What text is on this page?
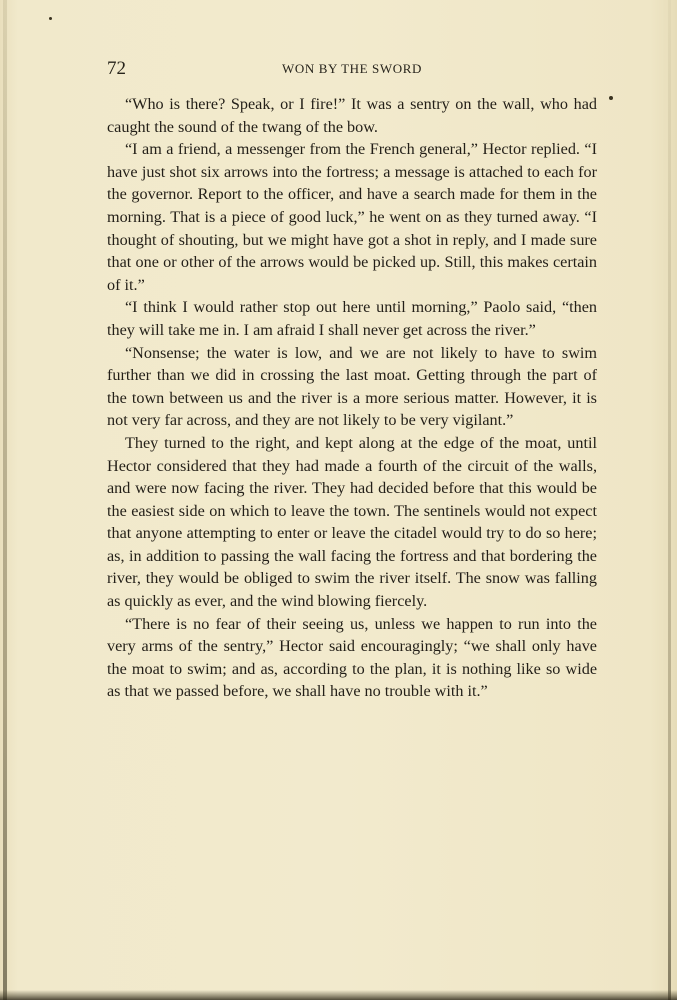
72	WON BY THE SWORD

“Who is there? Speak, or I fire!” It was a sentry on the wall, who had caught the sound of the twang of the bow.

“I am a friend, a messenger from the French general,” Hector replied. “I have just shot six arrows into the fortress; a message is attached to each for the governor. Report to the officer, and have a search made for them in the morning. That is a piece of good luck,” he went on as they turned away. “I thought of shouting, but we might have got a shot in reply, and I made sure that one or other of the arrows would be picked up. Still, this makes certain of it.”

“I think I would rather stop out here until morning,” Paolo said, “then they will take me in. I am afraid I shall never get across the river.”

“Nonsense; the water is low, and we are not likely to have to swim further than we did in crossing the last moat. Getting through the part of the town between us and the river is a more serious matter. However, it is not very far across, and they are not likely to be very vigilant.”

They turned to the right, and kept along at the edge of the moat, until Hector considered that they had made a fourth of the circuit of the walls, and were now facing the river. They had decided before that this would be the easiest side on which to leave the town. The sentinels would not expect that anyone attempting to enter or leave the citadel would try to do so here; as, in addition to passing the wall facing the fortress and that bordering the river, they would be obliged to swim the river itself. The snow was falling as quickly as ever, and the wind blowing fiercely.

“There is no fear of their seeing us, unless we happen to run into the very arms of the sentry,” Hector said encouragingly; “we shall only have the moat to swim; and as, according to the plan, it is nothing like so wide as that we passed before, we shall have no trouble with it.”
